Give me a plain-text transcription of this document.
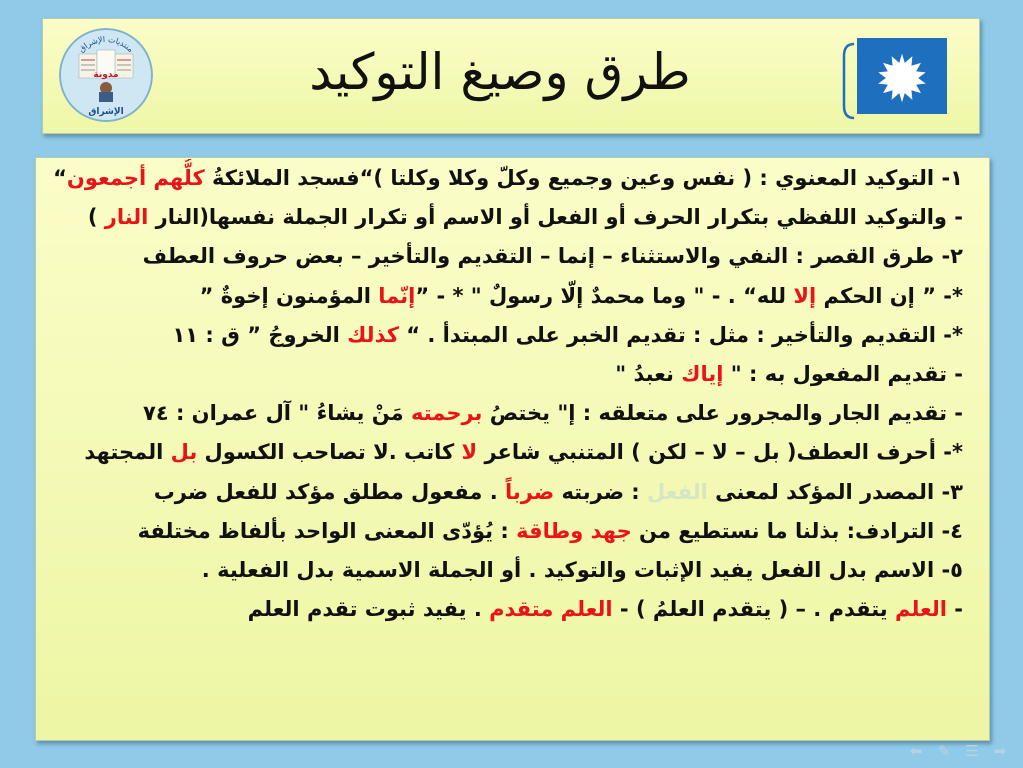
منتديات الإشراق
مدونة
الإشراق
طرق وصيغ التوكيد
١- التوكيد المعنوي : ( نفس وعين وجميع وكلّ وكلا وكلتا )“فسجد الملائكةُ كلُّهم أجمعون“
- والتوكيد اللفظي بتكرار الحرف أو الفعل أو الاسم أو تكرار الجملة نفسها(النار النار )
٢- طرق القصر : النفي والاستثناء – إنما – التقديم والتأخير – بعض حروف العطف
*- ” إن الحكم إلا لله“ . - " وما محمدٌ إلّا رسولٌ " * - ”إنّما المؤمنون إخوةٌ ”
*- التقديم والتأخير : مثل : تقديم الخبر على المبتدأ . “ كذلك الخروجُ ” ق : ١١
- تقديم المفعول به : " إياك نعبدُ "
- تقديم الجار والمجرور على متعلقه : إ" يختصُ برحمته مَنْ يشاءُ " آل عمران : ٧٤
*- أحرف العطف( بل – لا – لكن ) المتنبي شاعر لا كاتب .لا تصاحب الكسول بل المجتهد
٣- المصدر المؤكد لمعنى الفعل : ضربته ضرباً . مفعول مطلق مؤكد للفعل ضرب
٤- الترادف: بذلنا ما نستطيع من جهد وطاقة : يُؤدّى المعنى الواحد بألفاظ مختلفة
٥- الاسم بدل الفعل يفيد الإثبات والتوكيد . أو الجملة الاسمية بدل الفعلية .
- العلم يتقدم . – ( يتقدم العلمُ ) - العلم متقدم . يفيد ثبوت تقدم العلم
⬅	✎ ☰ ➡
